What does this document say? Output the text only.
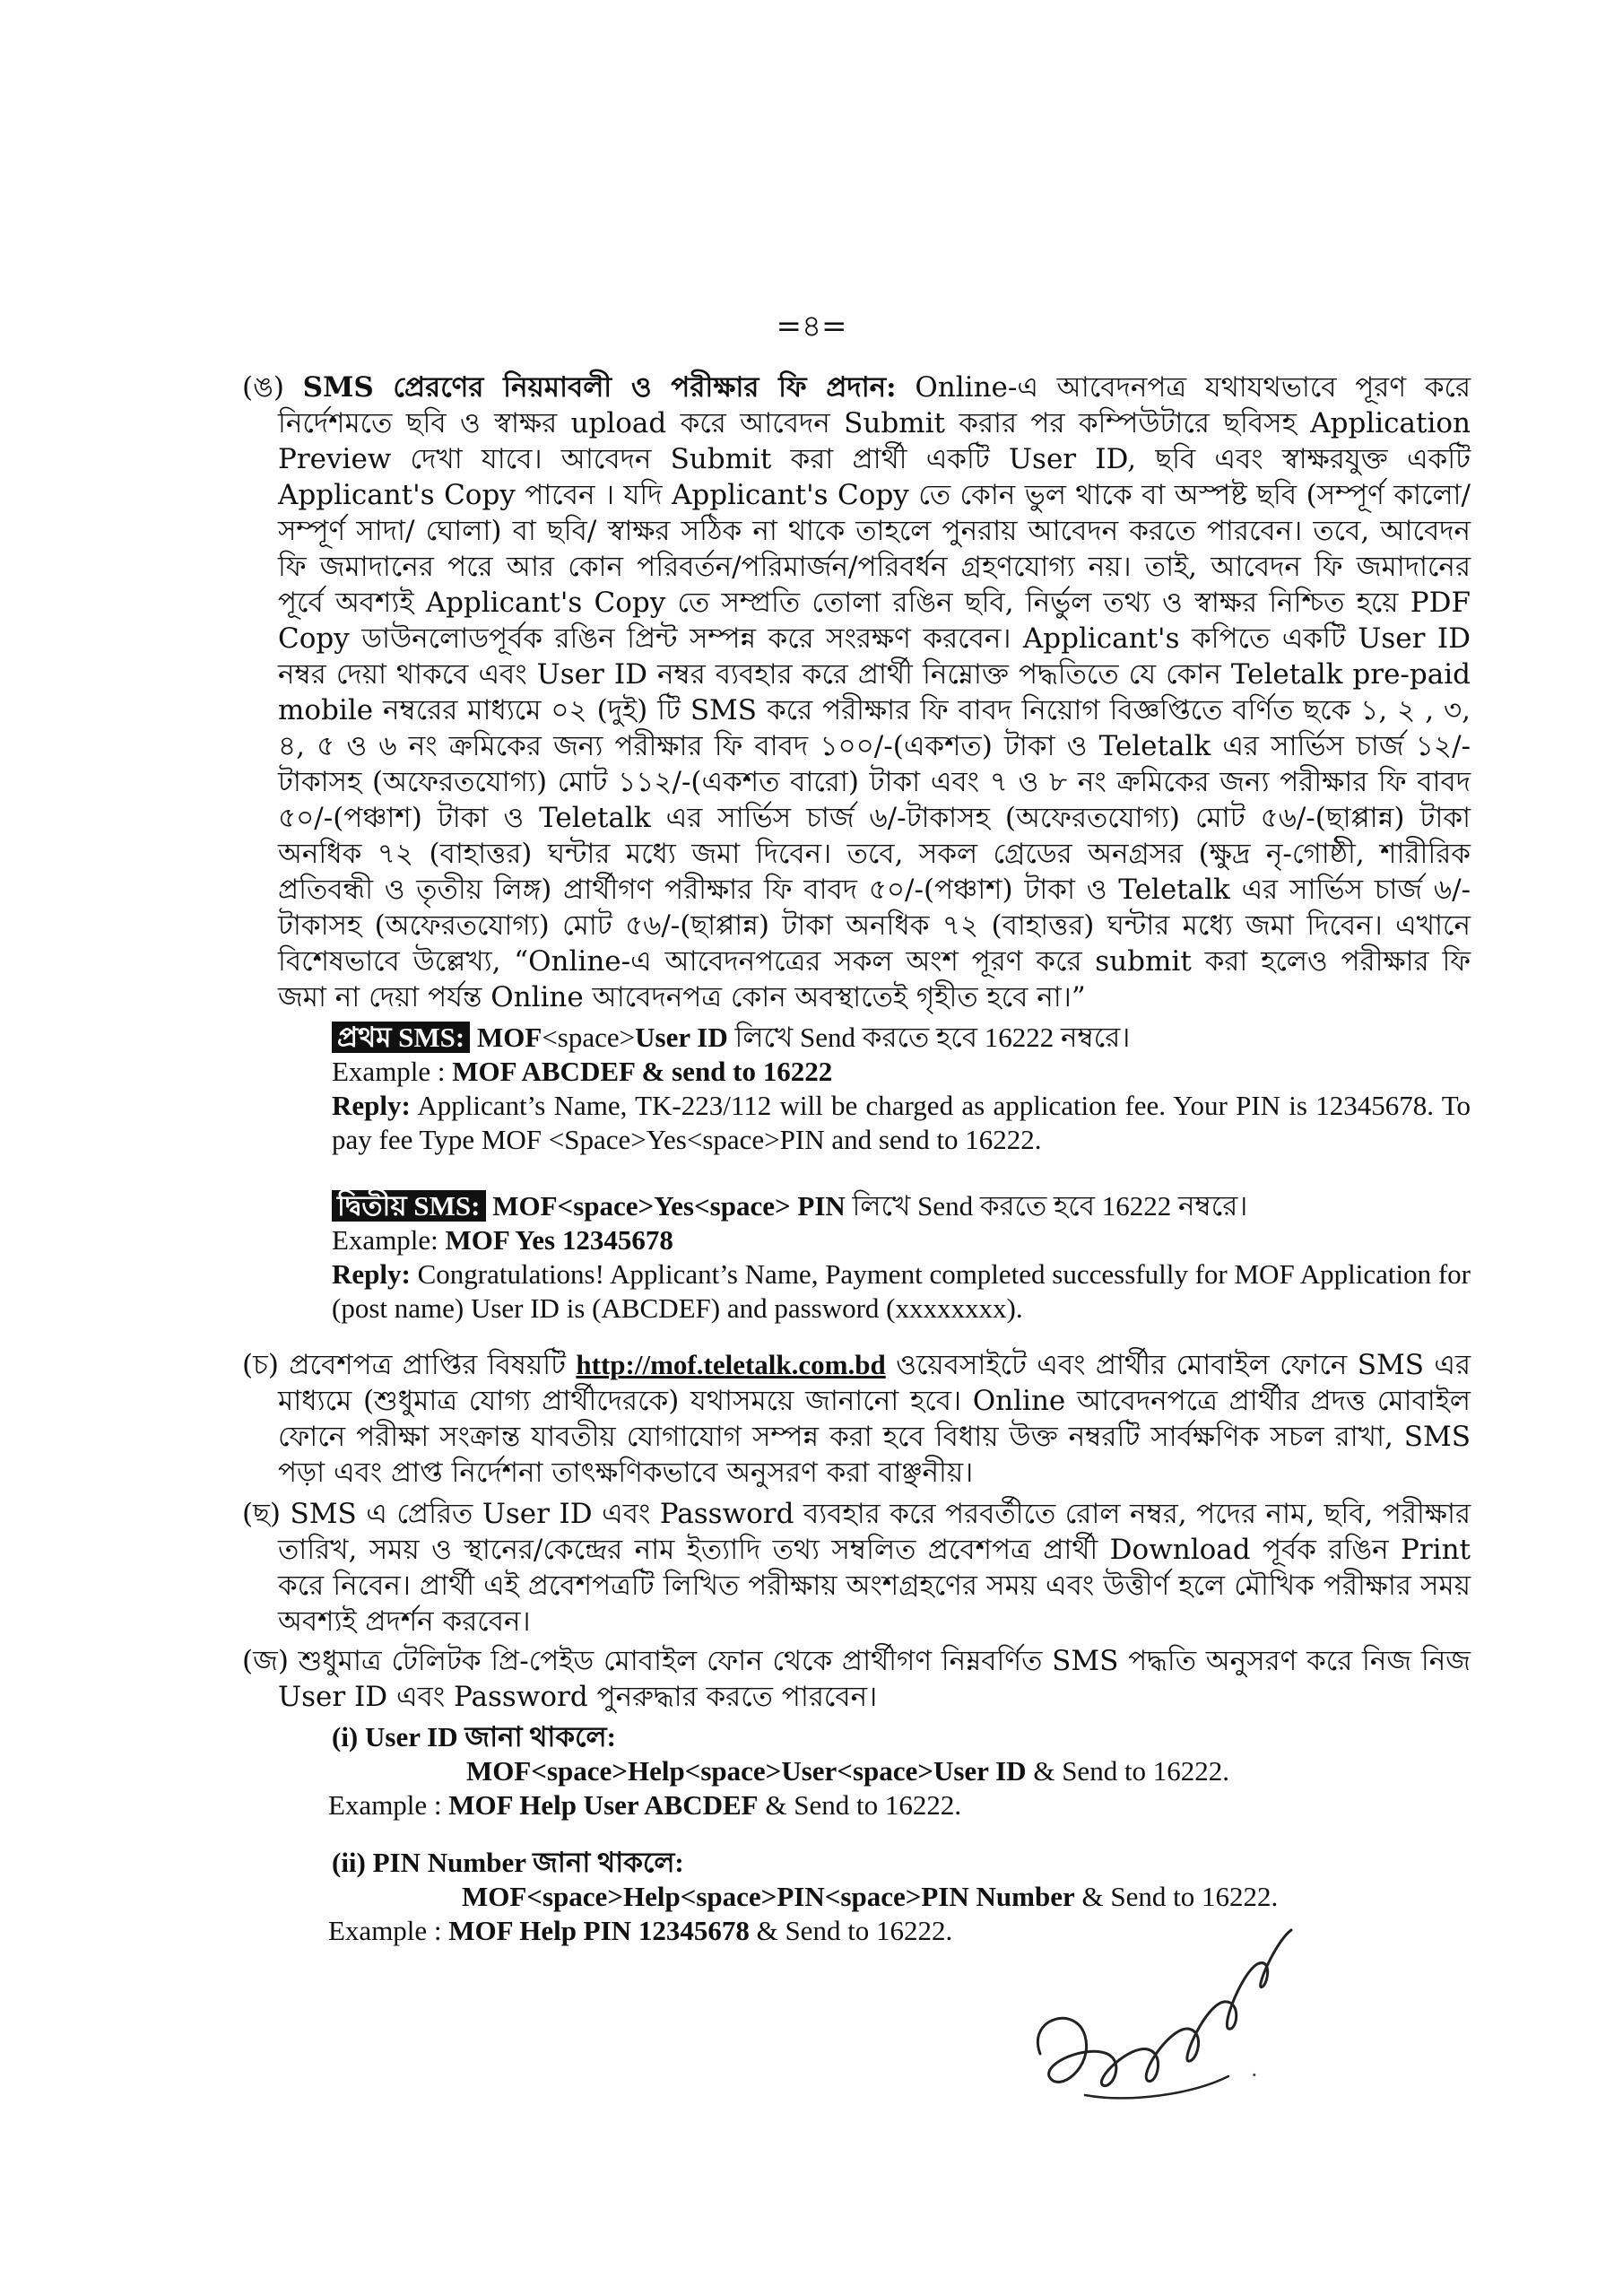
=৪=

(ঙ) SMS প্রেরণের নিয়মাবলী ও পরীক্ষার ফি প্রদান: Online-এ আবেদনপত্র যথাযথভাবে পূরণ করে নির্দেশমতে ছবি ও স্বাক্ষর upload করে আবেদন Submit করার পর কম্পিউটারে ছবিসহ Application Preview দেখা যাবে। আবেদন Submit করা প্রার্থী একটি User ID, ছবি এবং স্বাক্ষরযুক্ত একটি Applicant's Copy পাবেন । যদি Applicant's Copy তে কোন ভুল থাকে বা অস্পষ্ট ছবি (সম্পূর্ণ কালো/ সম্পূর্ণ সাদা/ ঘোলা) বা ছবি/ স্বাক্ষর সঠিক না থাকে তাহলে পুনরায় আবেদন করতে পারবেন। তবে, আবেদন ফি জমাদানের পরে আর কোন পরিবর্তন/পরিমার্জন/পরিবর্ধন গ্রহণযোগ্য নয়। তাই, আবেদন ফি জমাদানের পূর্বে অবশ্যই Applicant's Copy তে সম্প্রতি তোলা রঙিন ছবি, নির্ভুল তথ্য ও স্বাক্ষর নিশ্চিত হয়ে PDF Copy ডাউনলোডপূর্বক রঙিন প্রিন্ট সম্পন্ন করে সংরক্ষণ করবেন। Applicant's কপিতে একটি User ID নম্বর দেয়া থাকবে এবং User ID নম্বর ব্যবহার করে প্রার্থী নিম্নোক্ত পদ্ধতিতে যে কোন Teletalk pre-paid mobile নম্বরের মাধ্যমে ০২ (দুই) টি SMS করে পরীক্ষার ফি বাবদ নিয়োগ বিজ্ঞপ্তিতে বর্ণিত ছকে ১, ২ , ৩, ৪, ৫ ও ৬ নং ক্রমিকের জন্য পরীক্ষার ফি বাবদ ১০০/-(একশত) টাকা ও Teletalk এর সার্ভিস চার্জ ১২/-টাকাসহ (অফেরতযোগ্য) মোট ১১২/-(একশত বারো) টাকা এবং ৭ ও ৮ নং ক্রমিকের জন্য পরীক্ষার ফি বাবদ ৫০/-(পঞ্চাশ) টাকা ও Teletalk এর সার্ভিস চার্জ ৬/-টাকাসহ (অফেরতযোগ্য) মোট ৫৬/-(ছাপ্পান্ন) টাকা অনধিক ৭২ (বাহাত্তর) ঘন্টার মধ্যে জমা দিবেন। তবে, সকল গ্রেডের অনগ্রসর (ক্ষুদ্র নৃ-গোষ্ঠী, শারীরিক প্রতিবন্ধী ও তৃতীয় লিঙ্গ) প্রার্থীগণ পরীক্ষার ফি বাবদ ৫০/-(পঞ্চাশ) টাকা ও Teletalk এর সার্ভিস চার্জ ৬/-টাকাসহ (অফেরতযোগ্য) মোট ৫৬/-(ছাপ্পান্ন) টাকা অনধিক ৭২ (বাহাত্তর) ঘন্টার মধ্যে জমা দিবেন। এখানে বিশেষভাবে উল্লেখ্য, “Online-এ আবেদনপত্রের সকল অংশ পূরণ করে submit করা হলেও পরীক্ষার ফি জমা না দেয়া পর্যন্ত Online আবেদনপত্র কোন অবস্থাতেই গৃহীত হবে না।”

প্রথম SMS: MOF<space>User ID লিখে Send করতে হবে 16222 নম্বরে।
Example : MOF ABCDEF & send to 16222
Reply: Applicant’s Name, TK-223/112 will be charged as application fee. Your PIN is 12345678. To pay fee Type MOF <Space>Yes<space>PIN and send to 16222.
দ্বিতীয় SMS: MOF<space>Yes<space> PIN লিখে Send করতে হবে 16222 নম্বরে।
Example: MOF Yes 12345678
Reply: Congratulations! Applicant’s Name, Payment completed successfully for MOF Application for (post name) User ID is (ABCDEF) and password (xxxxxxxx).

(চ) প্রবেশপত্র প্রাপ্তির বিষয়টি http://mof.teletalk.com.bd ওয়েবসাইটে এবং প্রার্থীর মোবাইল ফোনে SMS এর মাধ্যমে (শুধুমাত্র যোগ্য প্রার্থীদেরকে) যথাসময়ে জানানো হবে। Online আবেদনপত্রে প্রার্থীর প্রদত্ত মোবাইল ফোনে পরীক্ষা সংক্রান্ত যাবতীয় যোগাযোগ সম্পন্ন করা হবে বিধায় উক্ত নম্বরটি সার্বক্ষণিক সচল রাখা, SMS পড়া এবং প্রাপ্ত নির্দেশনা তাৎক্ষণিকভাবে অনুসরণ করা বাঞ্ছনীয়।

(ছ) SMS এ প্রেরিত User ID এবং Password ব্যবহার করে পরবর্তীতে রোল নম্বর, পদের নাম, ছবি, পরীক্ষার তারিখ, সময় ও স্থানের/কেন্দ্রের নাম ইত্যাদি তথ্য সম্বলিত প্রবেশপত্র প্রার্থী Download পূর্বক রঙিন Print করে নিবেন। প্রার্থী এই প্রবেশপত্রটি লিখিত পরীক্ষায় অংশগ্রহণের সময় এবং উত্তীর্ণ হলে মৌখিক পরীক্ষার সময় অবশ্যই প্রদর্শন করবেন।

(জ) শুধুমাত্র টেলিটক প্রি-পেইড মোবাইল ফোন থেকে প্রার্থীগণ নিম্নবর্ণিত SMS পদ্ধতি অনুসরণ করে নিজ নিজ User ID এবং Password পুনরুদ্ধার করতে পারবেন।

(i) User ID জানা থাকলে:
MOF<space>Help<space>User<space>User ID & Send to 16222.
Example : MOF Help User ABCDEF & Send to 16222.
(ii) PIN Number জানা থাকলে:
MOF<space>Help<space>PIN<space>PIN Number & Send to 16222.
Example : MOF Help PIN 12345678 & Send to 16222.
·
